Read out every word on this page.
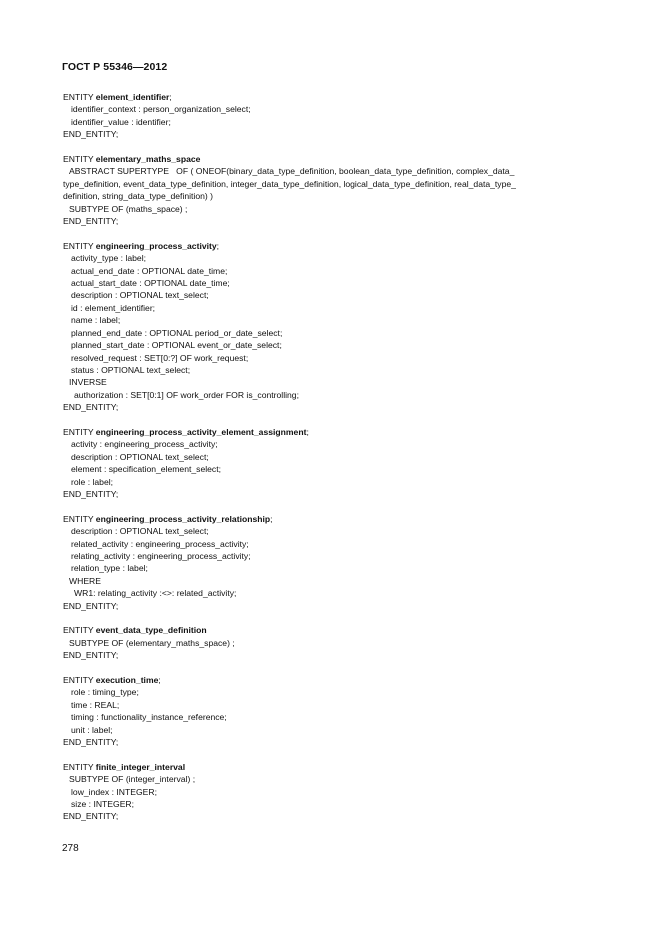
ГОСТ Р 55346—2012
ENTITY element_identifier;
identifier_context : person_organization_select;
identifier_value : identifier;
END_ENTITY;
ENTITY elementary_maths_space
ABSTRACT SUPERTYPE   OF ( ONEOF(binary_data_type_definition, boolean_data_type_definition, complex_data_
type_definition, event_data_type_definition, integer_data_type_definition, logical_data_type_definition, real_data_type_
definition, string_data_type_definition) )
SUBTYPE OF (maths_space) ;
END_ENTITY;
ENTITY engineering_process_activity;
activity_type : label;
actual_end_date : OPTIONAL date_time;
actual_start_date : OPTIONAL date_time;
description : OPTIONAL text_select;
id : element_identifier;
name : label;
planned_end_date : OPTIONAL period_or_date_select;
planned_start_date : OPTIONAL event_or_date_select;
resolved_request : SET[0:?] OF work_request;
status : OPTIONAL text_select;
INVERSE
authorization : SET[0:1] OF work_order FOR is_controlling;
END_ENTITY;
ENTITY engineering_process_activity_element_assignment;
activity : engineering_process_activity;
description : OPTIONAL text_select;
element : specification_element_select;
role : label;
END_ENTITY;
ENTITY engineering_process_activity_relationship;
description : OPTIONAL text_select;
related_activity : engineering_process_activity;
relating_activity : engineering_process_activity;
relation_type : label;
WHERE
WR1: relating_activity :<>: related_activity;
END_ENTITY;
ENTITY event_data_type_definition
SUBTYPE OF (elementary_maths_space) ;
END_ENTITY;
ENTITY execution_time;
role : timing_type;
time : REAL;
timing : functionality_instance_reference;
unit : label;
END_ENTITY;
ENTITY finite_integer_interval
SUBTYPE OF (integer_interval) ;
low_index : INTEGER;
size : INTEGER;
END_ENTITY;
278
